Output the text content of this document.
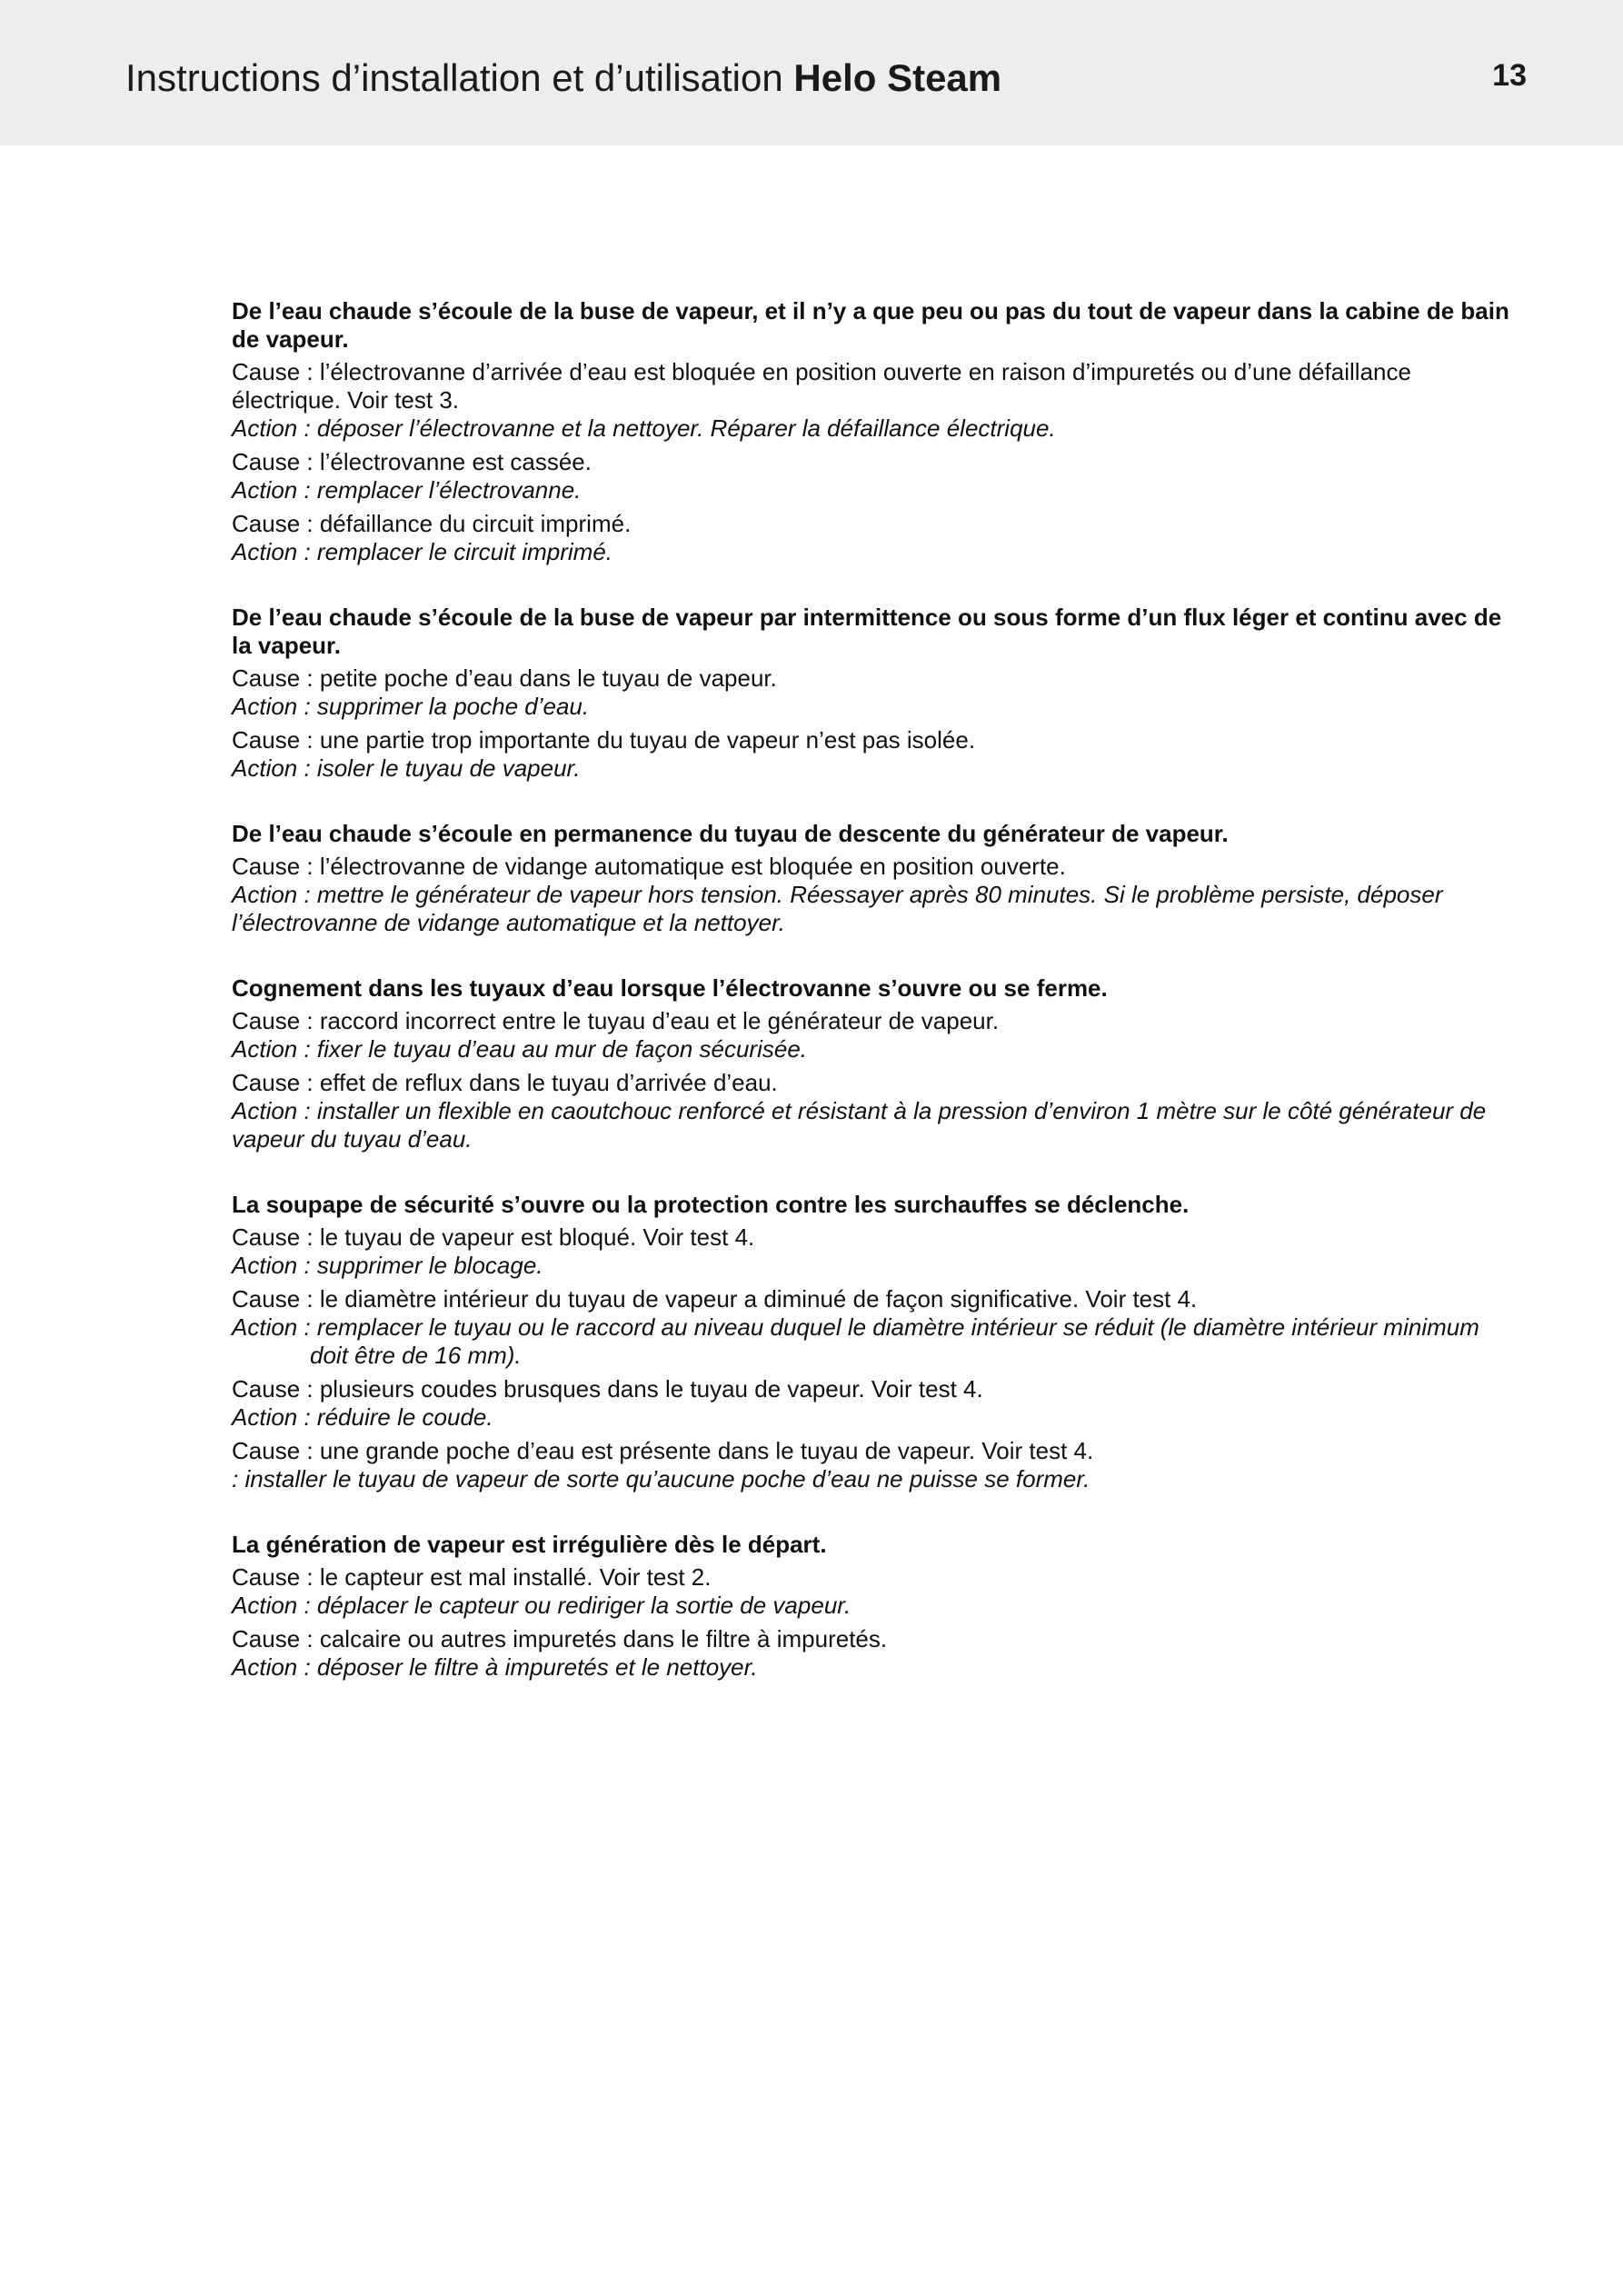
Instructions d’installation et d’utilisation Helo Steam	13
De l’eau chaude s’écoule de la buse de vapeur, et il n’y a que peu ou pas du tout de vapeur dans la cabine de bain de vapeur.
Cause : l’électrovanne d’arrivée d’eau est bloquée en position ouverte en raison d’impuretés ou d’une défaillance électrique. Voir test 3.
Action : déposer l’électrovanne et la nettoyer. Réparer la défaillance électrique.
Cause : l’électrovanne est cassée.
Action : remplacer l’électrovanne.
Cause : défaillance du circuit imprimé.
Action : remplacer le circuit imprimé.
De l’eau chaude s’écoule de la buse de vapeur par intermittence ou sous forme d’un flux léger et continu avec de la vapeur.
Cause : petite poche d’eau dans le tuyau de vapeur.
Action : supprimer la poche d’eau.
Cause : une partie trop importante du tuyau de vapeur n’est pas isolée.
Action : isoler le tuyau de vapeur.
De l’eau chaude s’écoule en permanence du tuyau de descente du générateur de vapeur.
Cause : l’électrovanne de vidange automatique est bloquée en position ouverte.
Action : mettre le générateur de vapeur hors tension. Réessayer après 80 minutes. Si le problème persiste, déposer l’électrovanne de vidange automatique et la nettoyer.
Cognement dans les tuyaux d’eau lorsque l’électrovanne s’ouvre ou se ferme.
Cause : raccord incorrect entre le tuyau d’eau et le générateur de vapeur.
Action : fixer le tuyau d’eau au mur de façon sécurisée.
Cause : effet de reflux dans le tuyau d’arrivée d’eau.
Action : installer un flexible en caoutchouc renforcé et résistant à la pression d’environ 1 mètre sur le côté générateur de vapeur du tuyau d’eau.
La soupape de sécurité s’ouvre ou la protection contre les surchauffes se déclenche.
Cause : le tuyau de vapeur est bloqué. Voir test 4.
Action : supprimer le blocage.
Cause : le diamètre intérieur du tuyau de vapeur a diminué de façon significative. Voir test 4.
Action : remplacer le tuyau ou le raccord au niveau duquel le diamètre intérieur se réduit (le diamètre intérieur minimum doit être de 16 mm).
Cause : plusieurs coudes brusques dans le tuyau de vapeur. Voir test 4.
Action : réduire le coude.
Cause : une grande poche d’eau est présente dans le tuyau de vapeur. Voir test 4.
: installer le tuyau de vapeur de sorte qu’aucune poche d’eau ne puisse se former.
La génération de vapeur est irrégulière dès le départ.
Cause : le capteur est mal installé. Voir test 2.
Action : déplacer le capteur ou rediriger la sortie de vapeur.
Cause : calcaire ou autres impuretés dans le filtre à impuretés.
Action : déposer le filtre à impuretés et le nettoyer.
